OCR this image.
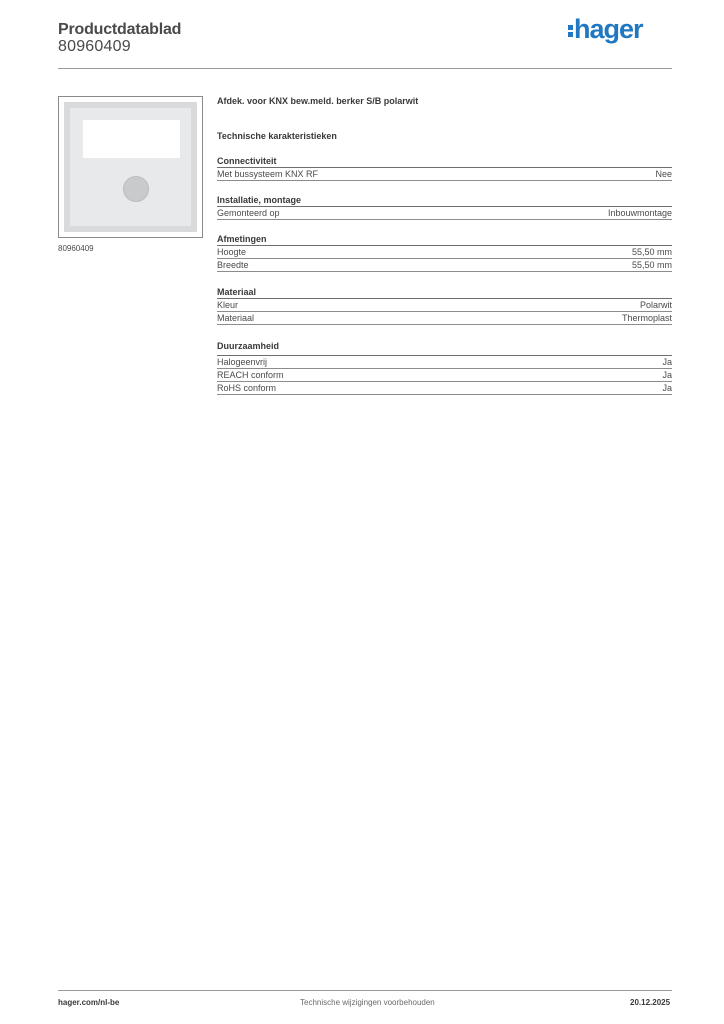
Productdatablad
80960409
hager
80960409
Afdek. voor KNX bew.meld. berker S/B polarwit
Technische karakteristieken
Connectiviteit
Met bussysteem KNX RF	Nee
Installatie, montage
Gemonteerd op	Inbouwmontage
Afmetingen
Hoogte	55,50 mm
Breedte	55,50 mm
Materiaal
Kleur	Polarwit
Materiaal	Thermoplast
Duurzaamheid
Halogeenvrij	Ja
REACH conform	Ja
RoHS conform	Ja
hager.com/nl-be	Technische wijzigingen voorbehouden	20.12.2025
